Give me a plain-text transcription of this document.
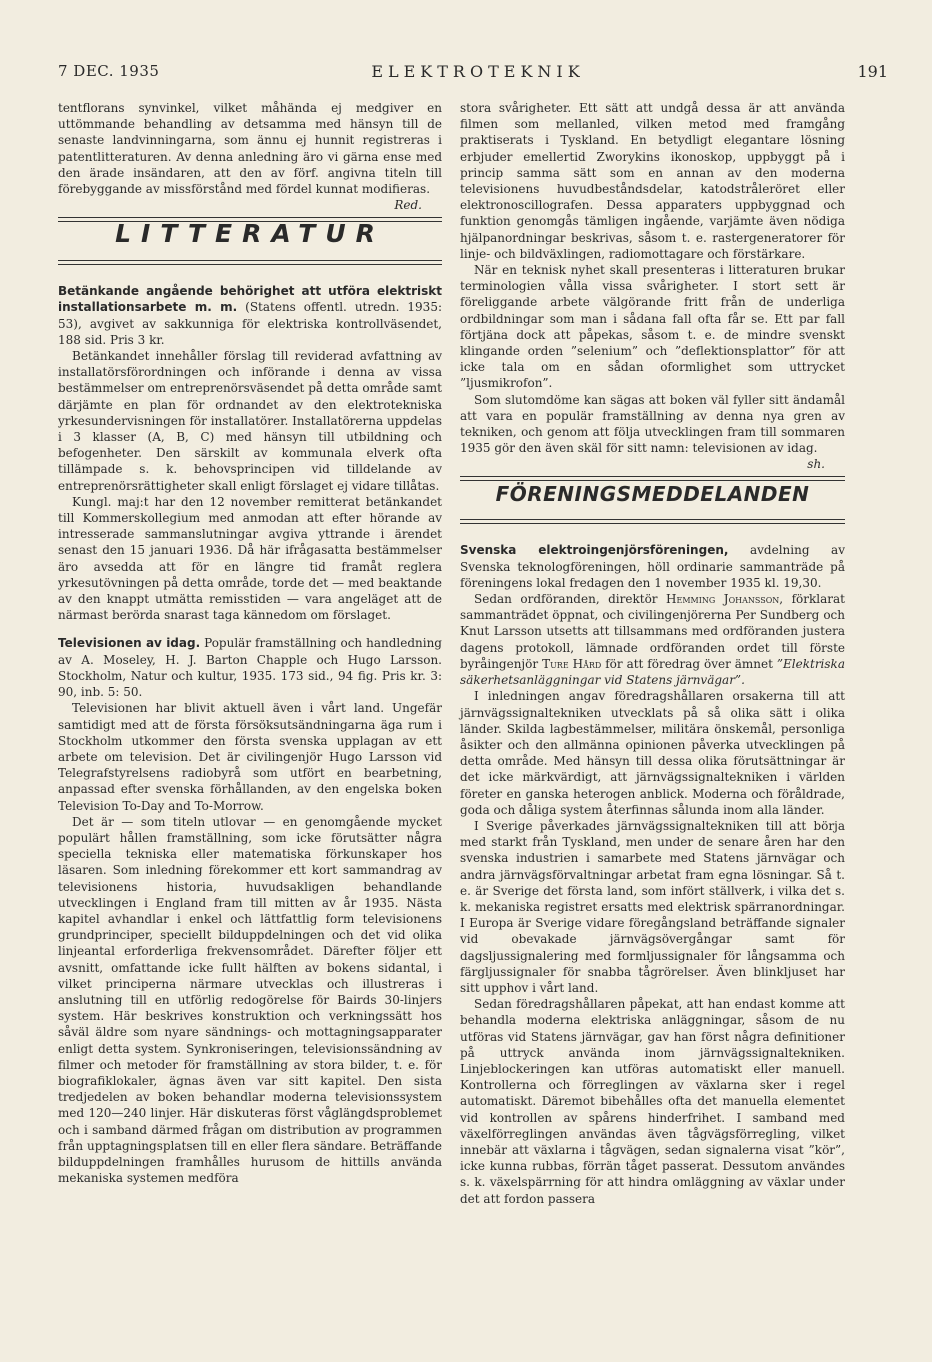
7 DEC. 1935	ELEKTROTEKNIK	191

tentflorans synvinkel, vilket måhända ej medgiver en uttömmande behandling av detsamma med hänsyn till de senaste landvinningarna, som ännu ej hunnit registreras i patentlitteraturen. Av denna anledning äro vi gärna ense med den ärade insändaren, att den av förf. angivna titeln till förebyggande av missförstånd med fördel kunnat modifieras.
Red.

LITTERATUR

Betänkande angående behörighet att utföra elektriskt installationsarbete m. m. (Statens offentl. utredn. 1935: 53), avgivet av sakkunniga för elektriska kontrollväsendet, 188 sid. Pris 3 kr.

Betänkandet innehåller förslag till reviderad avfattning av installatörsförordningen och införande i denna av vissa bestämmelser om entreprenörsväsendet på detta område samt därjämte en plan för ordnandet av den elektrotekniska yrkesundervisningen för installatörer. Installatörerna uppdelas i 3 klasser (A, B, C) med hänsyn till utbildning och befogenheter. Den särskilt av kommunala elverk ofta tillämpade s. k. behovsprincipen vid tilldelande av entreprenörsrättigheter skall enligt förslaget ej vidare tillåtas.

Kungl. maj:t har den 12 november remitterat betänkandet till Kommerskollegium med anmodan att efter hörande av intresserade sammanslutningar avgiva yttrande i ärendet senast den 15 januari 1936. Då här ifrågasatta bestämmelser äro avsedda att för en längre tid framåt reglera yrkesutövningen på detta område, torde det — med beaktande av den knappt utmätta remisstiden — vara angeläget att de närmast berörda snarast taga kännedom om förslaget.

Televisionen av idag. Populär framställning och handledning av A. Moseley, H. J. Barton Chapple och Hugo Larsson. Stockholm, Natur och kultur, 1935. 173 sid., 94 fig. Pris kr. 3: 90, inb. 5: 50.

Televisionen har blivit aktuell även i vårt land. Ungefär samtidigt med att de första försöksutsändningarna äga rum i Stockholm utkommer den första svenska upplagan av ett arbete om television. Det är civilingenjör Hugo Larsson vid Telegrafstyrelsens radiobyrå som utfört en bearbetning, anpassad efter svenska förhållanden, av den engelska boken Television To-Day and To-Morrow.

Det är — som titeln utlovar — en genomgående mycket populärt hållen framställning, som icke förutsätter några speciella tekniska eller matematiska förkunskaper hos läsaren. Som inledning förekommer ett kort sammandrag av televisionens historia, huvudsakligen behandlande utvecklingen i England fram till mitten av år 1935. Nästa kapitel avhandlar i enkel och lättfattlig form televisionens grundprinciper, speciellt bilduppdelningen och det vid olika linjeantal erforderliga frekvensområdet. Därefter följer ett avsnitt, omfattande icke fullt hälften av bokens sidantal, i vilket principerna närmare utvecklas och illustreras i anslutning till en utförlig redogörelse för Bairds 30-linjers system. Här beskrives konstruktion och verkningssätt hos såväl äldre som nyare sändnings- och mottagningsapparater enligt detta system. Synkroniseringen, televisionssändning av filmer och metoder för framställning av stora bilder, t. e. för biografiklokaler, ägnas även var sitt kapitel. Den sista tredjedelen av boken behandlar moderna televisionssystem med 120—240 linjer. Här diskuteras först våglängdsproblemet och i samband därmed frågan om distribution av programmen från upptagningsplatsen till en eller flera sändare. Beträffande bilduppdelningen framhålles hurusom de hittills använda mekaniska systemen medföra

stora svårigheter. Ett sätt att undgå dessa är att använda filmen som mellanled, vilken metod med framgång praktiserats i Tyskland. En betydligt elegantare lösning erbjuder emellertid Zworykins ikonoskop, uppbyggt på i princip samma sätt som en annan av den moderna televisionens huvudbeståndsdelar, katodstråleröret eller elektronoscillografen. Dessa apparaters uppbyggnad och funktion genomgås tämligen ingående, varjämte även nödiga hjälpanordningar beskrivas, såsom t. e. rastergeneratorer för linje- och bildväxlingen, radiomottagare och förstärkare.

När en teknisk nyhet skall presenteras i litteraturen brukar terminologien vålla vissa svårigheter. I stort sett är föreliggande arbete välgörande fritt från de underliga ordbildningar som man i sådana fall ofta får se. Ett par fall förtjäna dock att påpekas, såsom t. e. de mindre svenskt klingande orden ”selenium” och ”deflektionsplattor” för att icke tala om en sådan oformlighet som uttrycket ”ljusmikrofon”.

Som slutomdöme kan sägas att boken väl fyller sitt ändamål att vara en populär framställning av denna nya gren av tekniken, och genom att följa utvecklingen fram till sommaren 1935 gör den även skäl för sitt namn: televisionen av idag.
sh.

FÖRENINGSMEDDELANDEN

Svenska elektroingenjörsföreningen, avdelning av Svenska teknologföreningen, höll ordinarie sammanträde på föreningens lokal fredagen den 1 november 1935 kl. 19,30.

Sedan ordföranden, direktör Hemming Johansson, förklarat sammanträdet öppnat, och civilingenjörerna Per Sundberg och Knut Larsson utsetts att tillsammans med ordföranden justera dagens protokoll, lämnade ordföranden ordet till förste byråingenjör Ture Hård för att föredrag över ämnet ”Elektriska säkerhetsanläggningar vid Statens järnvägar”.

I inledningen angav föredragshållaren orsakerna till att järnvägssignaltekniken utvecklats på så olika sätt i olika länder. Skilda lagbestämmelser, militära önskemål, personliga åsikter och den allmänna opinionen påverka utvecklingen på detta område. Med hänsyn till dessa olika förutsättningar är det icke märkvärdigt, att järnvägssignaltekniken i världen företer en ganska heterogen anblick. Moderna och föråldrade, goda och dåliga system återfinnas sålunda inom alla länder.

I Sverige påverkades järnvägssignaltekniken till att börja med starkt från Tyskland, men under de senare åren har den svenska industrien i samarbete med Statens järnvägar och andra järnvägsförvaltningar arbetat fram egna lösningar. Så t. e. är Sverige det första land, som infört ställverk, i vilka det s. k. mekaniska registret ersatts med elektrisk spärranordningar. I Europa är Sverige vidare föregångsland beträffande signaler vid obevakade järnvägsövergångar samt för dagsljussignalering med formljussignaler för långsamma och färgljussignaler för snabba tågrörelser. Även blinkljuset har sitt upphov i vårt land.

Sedan föredragshållaren påpekat, att han endast komme att behandla moderna elektriska anläggningar, såsom de nu utföras vid Statens järnvägar, gav han först några definitioner på uttryck använda inom järnvägssignaltekniken. Linjeblockeringen kan utföras automatiskt eller manuell. Kontrollerna och förreglingen av växlarna sker i regel automatiskt. Däremot bibehålles ofta det manuella elementet vid kontrollen av spårens hinderfrihet. I samband med växelförreglingen användas även tågvägsförregling, vilket innebär att växlarna i tågvägen, sedan signalerna visat ”kör”, icke kunna rubbas, förrän tåget passerat. Dessutom användes s. k. växelspärrning för att hindra omläggning av växlar under det att fordon passera
